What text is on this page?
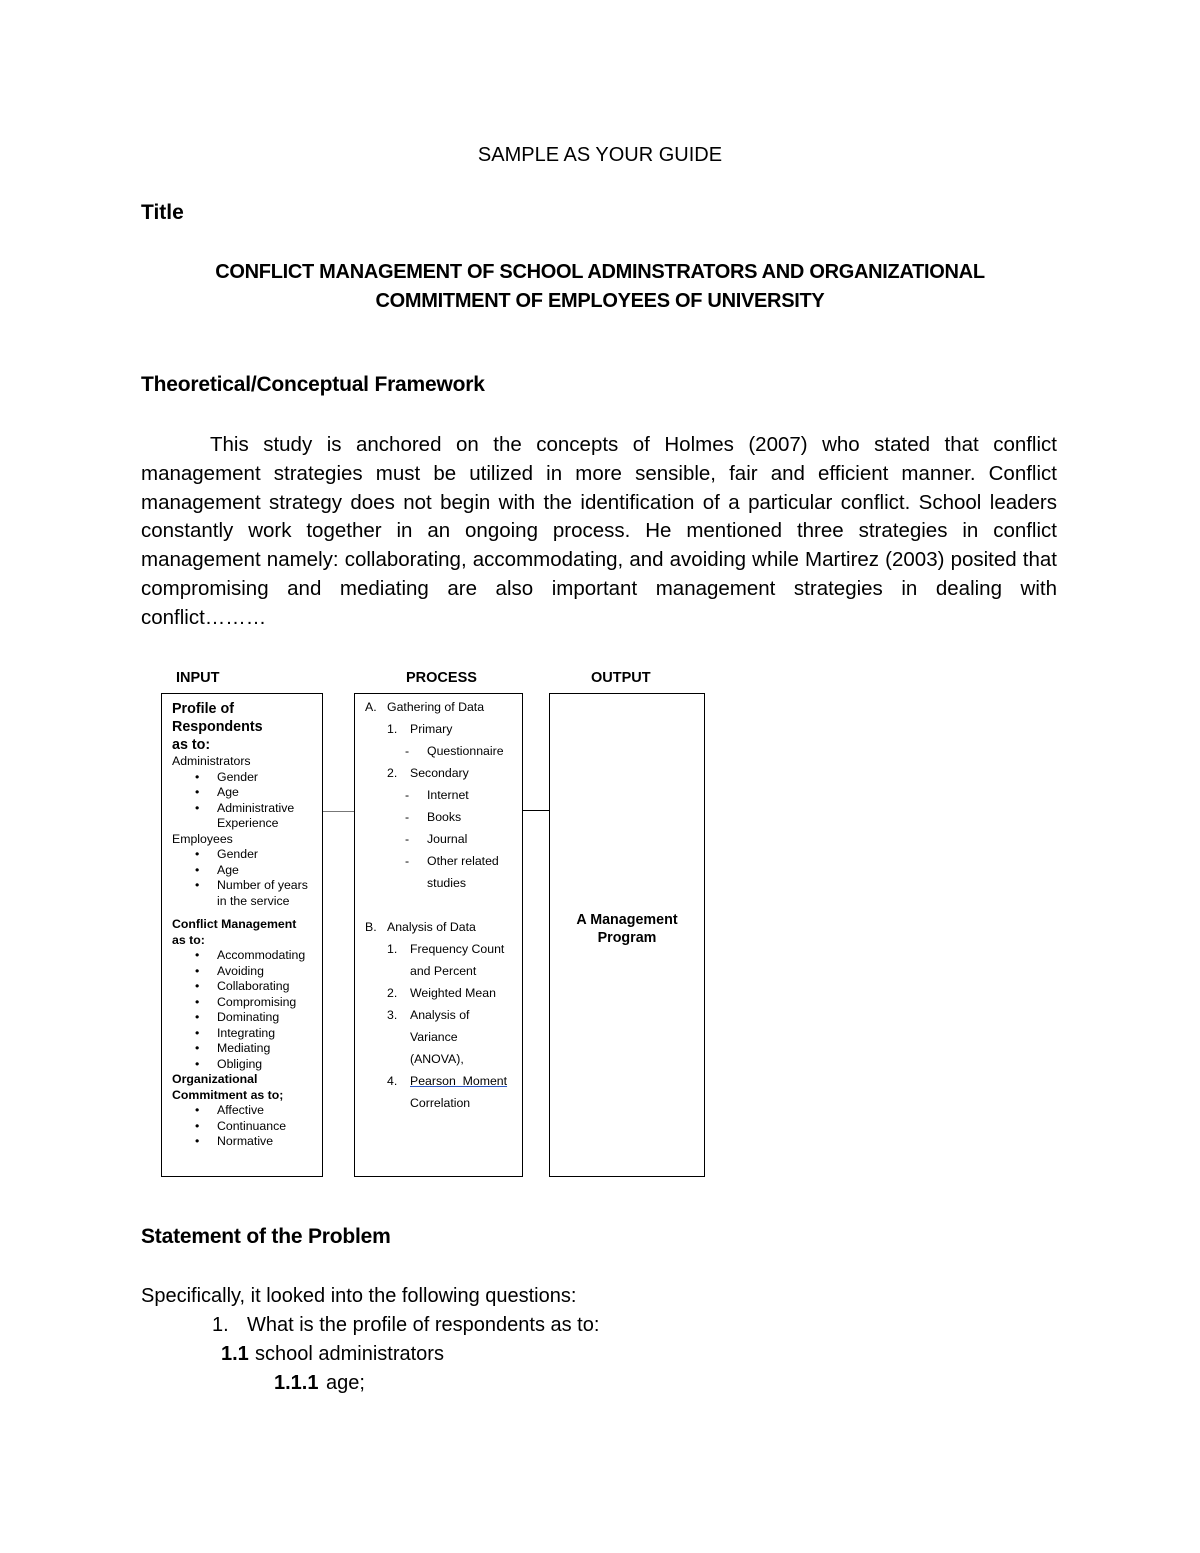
SAMPLE AS YOUR GUIDE
Title
CONFLICT MANAGEMENT OF SCHOOL ADMINSTRATORS AND ORGANIZATIONAL
COMMITMENT OF EMPLOYEES OF UNIVERSITY
Theoretical/Conceptual Framework
This study is anchored on the concepts of Holmes (2007) who stated that conflict management strategies must be utilized in more sensible, fair and efficient manner. Conflict management strategy does not begin with the identification of a particular conflict. School leaders constantly work together in an ongoing process. He mentioned three strategies in conflict management namely: collaborating, accommodating, and avoiding while Martirez (2003) posited that compromising and mediating are also important management strategies in dealing with conflict………
INPUT	PROCESS	OUTPUT
Profile of
Respondents
as to:
Administrators
• Gender
• Age
• Administrative
Experience
Employees
• Gender
• Age
• Number of years
in the service
Conflict Management
as to:
• Accommodating
• Avoiding
• Collaborating
• Compromising
• Dominating
• Integrating
• Mediating
• Obliging
Organizational
Commitment as to;
• Affective
• Continuance
• Normative
A. Gathering of Data
1. Primary
- Questionnaire
2. Secondary
- Internet
- Books
- Journal
- Other related
studies
B. Analysis of Data
1. Frequency Count
and Percent
2. Weighted Mean
3. Analysis of
Variance
(ANOVA),
4. Pearson  Moment
Correlation
A Management
Program
Statement of the Problem
Specifically, it looked into the following questions:
1. What is the profile of respondents as to:
1.1 school administrators
1.1.1 age;
